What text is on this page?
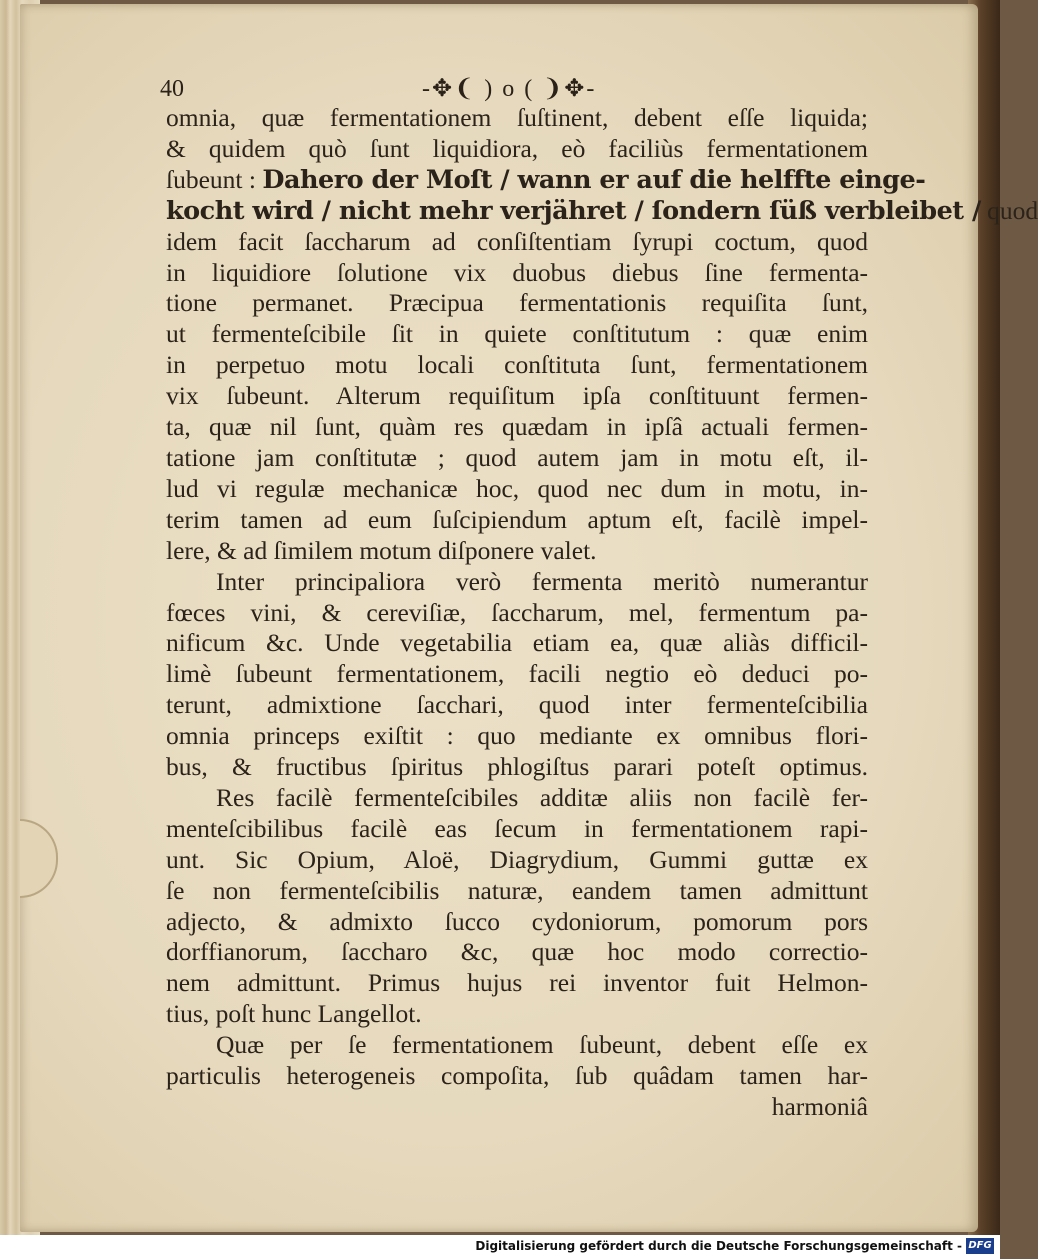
40	-✥❨ ) o ( ❩✥-
omnia, quæ fermentationem ſuſtinent, debent eſſe liquida;
& quidem quò ſunt liquidiora, eò faciliùs fermentationem
ſubeunt : Dahero der Moſt / wann er auf die helffte einge-
kocht wird / nicht mehr verjähret / ſondern ſüß verbleibet / quod
idem facit ſaccharum ad conſiſtentiam ſyrupi coctum, quod
in liquidiore ſolutione vix duobus diebus ſine fermenta-
tione permanet. Præcipua fermentationis requiſita ſunt,
ut fermenteſcibile ſit in quiete conſtitutum : quæ enim
in perpetuo motu locali conſtituta ſunt, fermentationem
vix ſubeunt. Alterum requiſitum ipſa conſtituunt fermen-
ta, quæ nil ſunt, quàm res quædam in ipſâ actuali fermen-
tatione jam conſtitutæ ; quod autem jam in motu eſt, il-
lud vi regulæ mechanicæ hoc, quod nec dum in motu, in-
terim tamen ad eum ſuſcipiendum aptum eſt, facilè impel-
lere, & ad ſimilem motum diſponere valet.
Inter principaliora verò fermenta meritò numerantur
fœces vini, & cereviſiæ, ſaccharum, mel, fermentum pa-
nificum &c. Unde vegetabilia etiam ea, quæ aliàs difficil-
limè ſubeunt fermentationem, facili negtio eò deduci po-
terunt, admixtione ſacchari, quod inter fermenteſcibilia
omnia princeps exiſtit : quo mediante ex omnibus flori-
bus, & fructibus ſpiritus phlogiſtus parari poteſt optimus.
Res facilè fermenteſcibiles additæ aliis non facilè fer-
menteſcibilibus facilè eas ſecum in fermentationem rapi-
unt. Sic Opium, Aloë, Diagrydium, Gummi guttæ ex
ſe non fermenteſcibilis naturæ, eandem tamen admittunt
adjecto, & admixto ſucco cydoniorum, pomorum pors
dorffianorum, ſaccharo &c, quæ hoc modo correctio-
nem admittunt. Primus hujus rei inventor fuit Helmon-
tius, poſt hunc Langellot.
Quæ per ſe fermentationem ſubeunt, debent eſſe ex
particulis heterogeneis compoſita, ſub quâdam tamen har-
harmoniâ
Digitalisierung gefördert durch die Deutsche Forschungsgemeinschaft - DFG
